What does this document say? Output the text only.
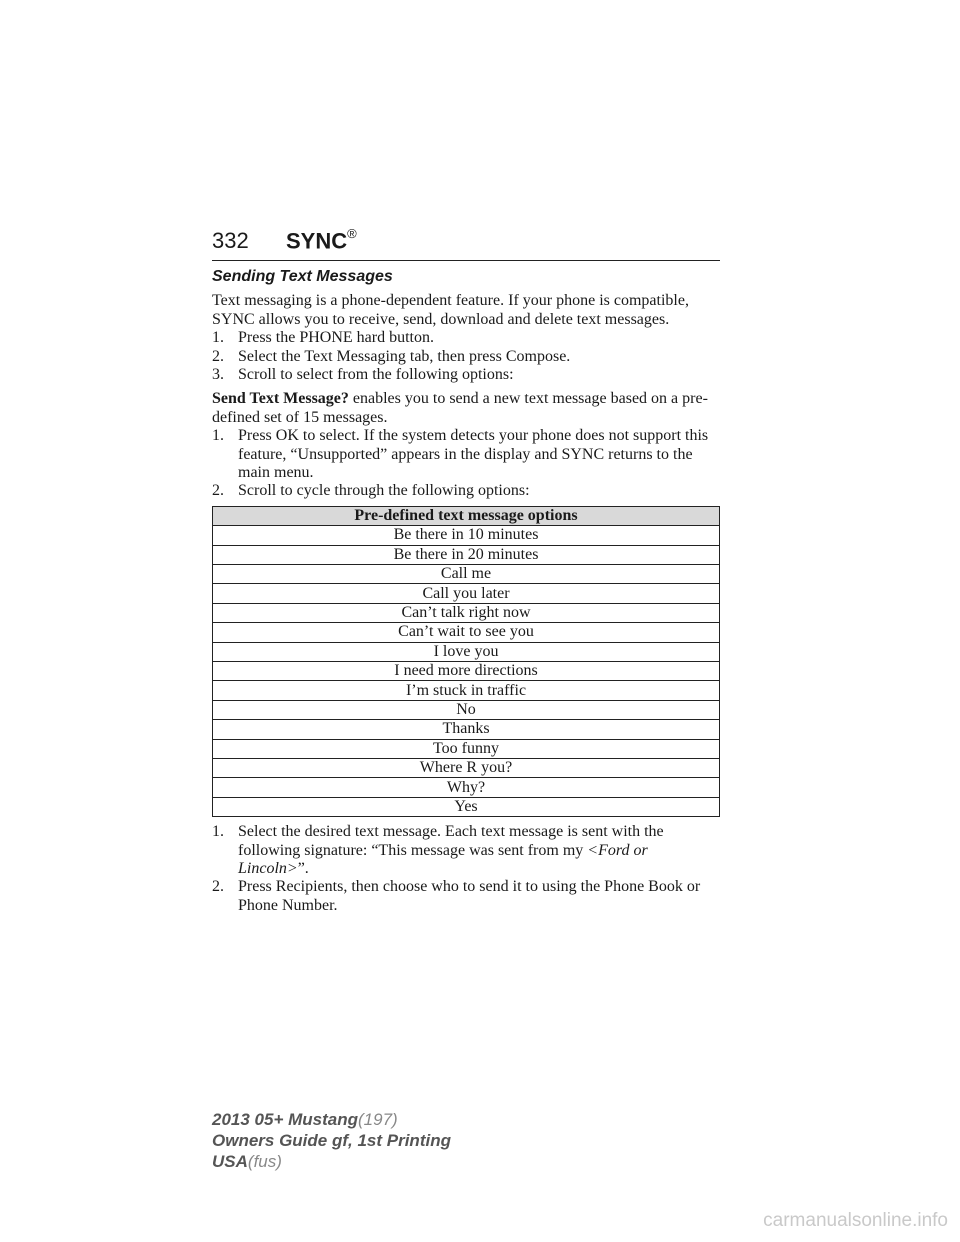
332 SYNC®

Sending Text Messages

Text messaging is a phone-dependent feature. If your phone is compatible, SYNC allows you to receive, send, download and delete text messages.

1. Press the PHONE hard button.
2. Select the Text Messaging tab, then press Compose.
3. Scroll to select from the following options:

Send Text Message? enables you to send a new text message based on a pre-defined set of 15 messages.

1. Press OK to select. If the system detects your phone does not support this feature, “Unsupported” appears in the display and SYNC returns to the main menu.
2. Scroll to cycle through the following options:
Pre-defined text message options
Be there in 10 minutes
Be there in 20 minutes
Call me
Call you later
Can’t talk right now
Can’t wait to see you
I love you
I need more directions
I’m stuck in traffic
No
Thanks
Too funny
Where R you?
Why?
Yes
1. Select the desired text message. Each text message is sent with the following signature: “This message was sent from my <Ford or Lincoln>”.
2. Press Recipients, then choose who to send it to using the Phone Book or Phone Number.
2013 05+ Mustang(197)
Owners Guide gf, 1st Printing
USA(fus)
carmanualsonline.info
